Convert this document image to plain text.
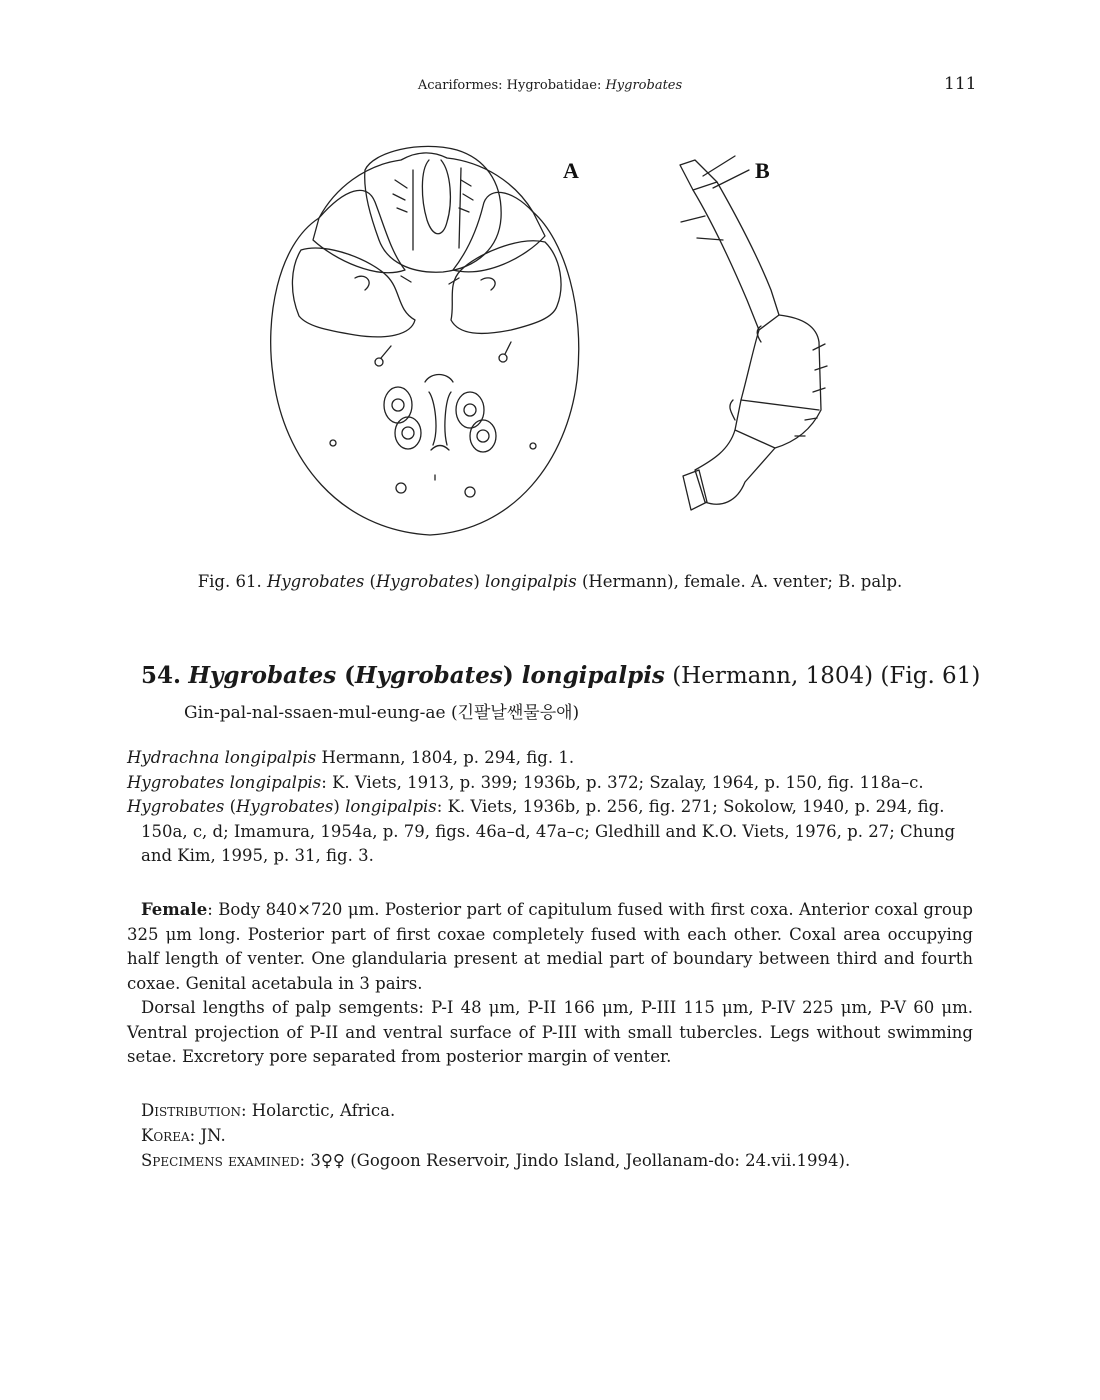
Acariformes: Hygrobatidae: Hygrobates	111
A	B
Fig. 61. Hygrobates (Hygrobates) longipalpis (Hermann), female. A. venter; B. palp.
54. Hygrobates (Hygrobates) longipalpis (Hermann, 1804) (Fig. 61)
Gin-pal-nal-ssaen-mul-eung-ae (긴팔날쌘물응애)
Hydrachna longipalpis Hermann, 1804, p. 294, fig. 1.
Hygrobates longipalpis: K. Viets, 1913, p. 399; 1936b, p. 372; Szalay, 1964, p. 150, fig. 118a–c.
Hygrobates (Hygrobates) longipalpis: K. Viets, 1936b, p. 256, fig. 271; Sokolow, 1940, p. 294, fig. 150a, c, d; Imamura, 1954a, p. 79, figs. 46a–d, 47a–c; Gledhill and K.O. Viets, 1976, p. 27; Chung and Kim, 1995, p. 31, fig. 3.

Female: Body 840×720 μm. Posterior part of capitulum fused with first coxa. Anterior coxal group 325 μm long. Posterior part of first coxae completely fused with each other. Coxal area occupying half length of venter. One glandularia present at medial part of boundary between third and fourth coxae. Genital acetabula in 3 pairs.

Dorsal lengths of palp semgents: P-I 48 μm, P-II 166 μm, P-III 115 μm, P-IV 225 μm, P-V 60 μm. Ventral projection of P-II and ventral surface of P-III with small tubercles. Legs without swimming setae. Excretory pore separated from posterior margin of venter.

Distribution: Holarctic, Africa.
Korea: JN.
Specimens examined: 3♀♀ (Gogoon Reservoir, Jindo Island, Jeollanam-do: 24.vii.1994).
